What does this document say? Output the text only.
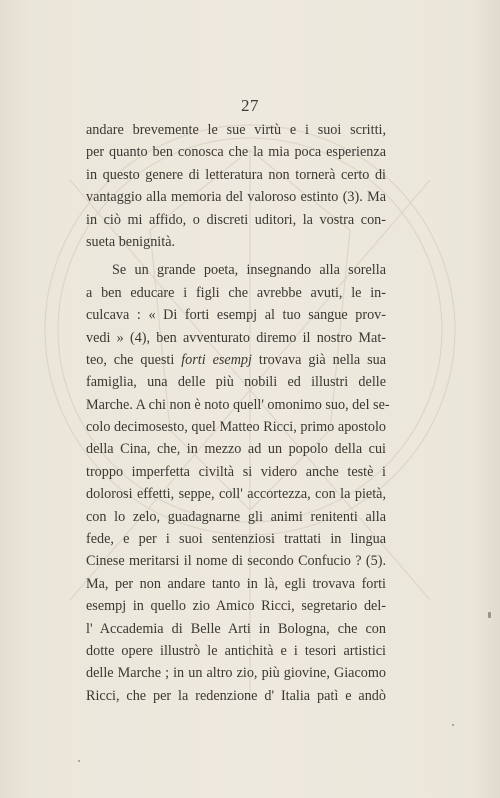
27
andare brevemente le sue virtù e i suoi scritti,
per quanto ben conosca che la mia poca esperienza
in questo genere di letteratura non tornerà certo di
vantaggio alla memoria del valoroso estinto (3). Ma
in ciò mi affido, o discreti uditori, la vostra con-
sueta benignità.
Se un grande poeta, insegnando alla sorella
a ben educare i figli che avrebbe avuti, le in-
culcava : « Di forti esempj al tuo sangue prov-
vedi » (4), ben avventurato diremo il nostro Mat-
teo, che questi forti esempj trovava già nella sua
famiglia, una delle più nobili ed illustri delle
Marche. A chi non è noto quell' omonimo suo, del se-
colo decimosesto, quel Matteo Ricci, primo apostolo
della Cina, che, in mezzo ad un popolo della cui
troppo imperfetta civiltà si videro anche testè i
dolorosi effetti, seppe, coll' accortezza, con la pietà,
con lo zelo, guadagnarne gli animi renitenti alla
fede, e per i suoi sentenziosi trattati in lingua
Cinese meritarsi il nome di secondo Confucio ? (5).
Ma, per non andare tanto in là, egli trovava forti
esempj in quello zio Amico Ricci, segretario del-
l' Accademia di Belle Arti in Bologna, che con
dotte opere illustrò le antichità e i tesori artistici
delle Marche ; in un altro zio, più giovine, Giacomo
Ricci, che per la redenzione d' Italia patì e andò
